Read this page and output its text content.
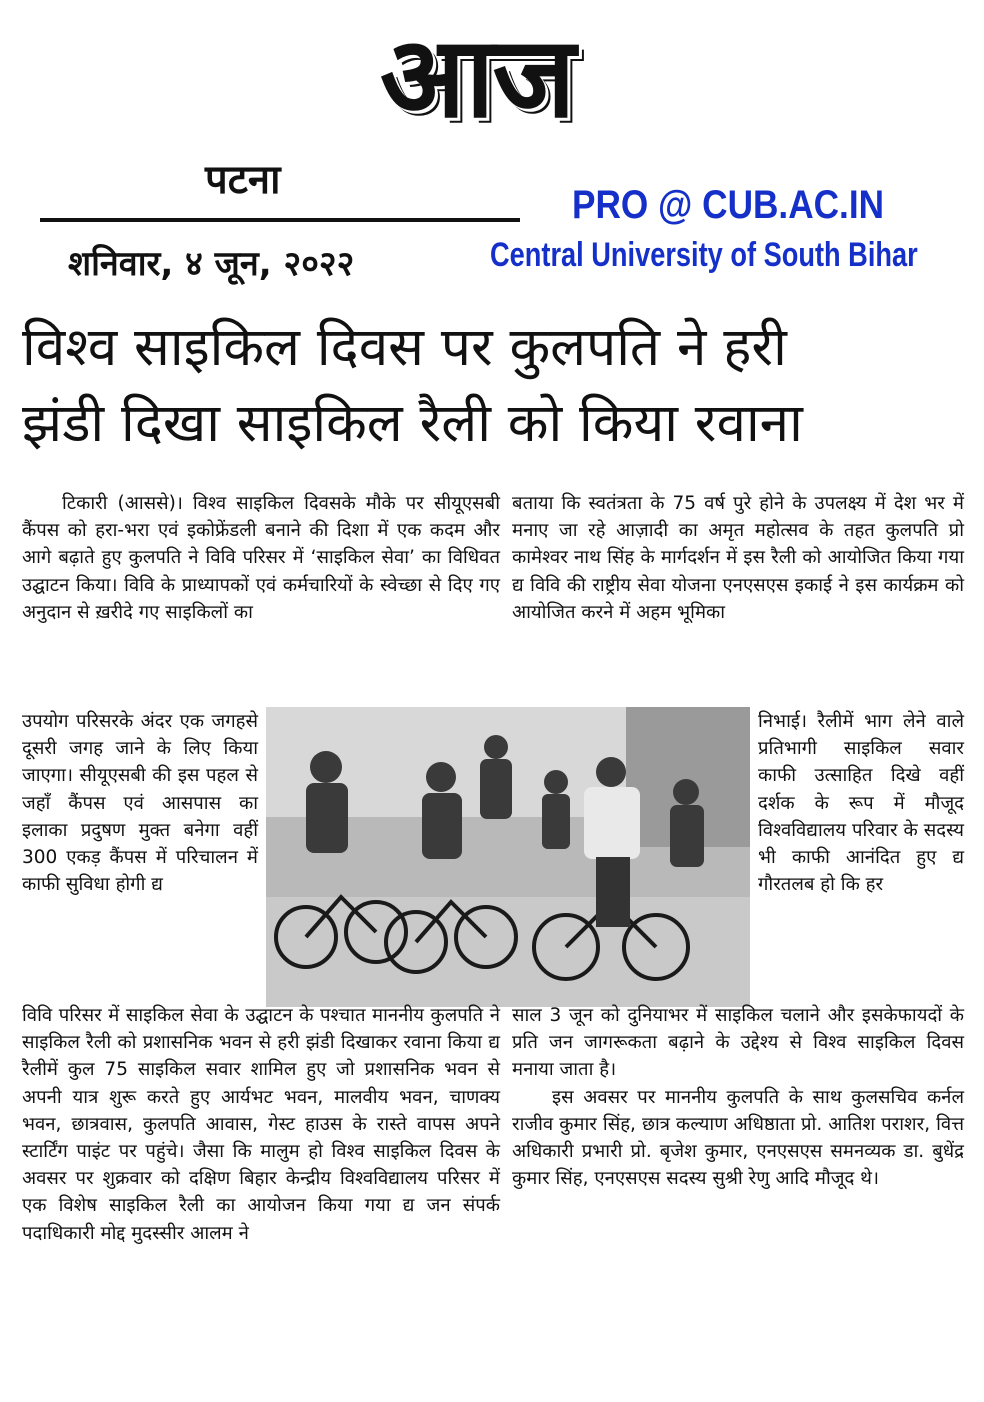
आज
पटना
शनिवार, ४ जून, २०२२
PRO @ CUB.AC.IN
Central University of South Bihar
विश्व साइकिल दिवस पर कुलपति ने हरी
झंडी दिखा साइकिल रैली को किया रवाना

टिकारी (आससे)। विश्व साइकिल दिवसके मौके पर सीयूएसबी कैंपस को हरा-भरा एवं इकोफ्रेंडली बनाने की दिशा में एक कदम और आगे बढ़ाते हुए कुलपति ने विवि परिसर में ‘साइकिल सेवा’ का विधिवत उद्घाटन किया। विवि के प्राध्यापकों एवं कर्मचारियों के स्वेच्छा से दिए गए अनुदान से ख़रीदे गए साइकिलों का

बताया कि स्वतंत्रता के 75 वर्ष पुरे होने के उपलक्ष्य में देश भर में मनाए जा रहे आज़ादी का अमृत महोत्सव के तहत कुलपति प्रो कामेश्वर नाथ सिंह के मार्गदर्शन में इस रैली को आयोजित किया गया द्य विवि की राष्ट्रीय सेवा योजना एनएसएस इकाई ने इस कार्यक्रम को आयोजित करने में अहम भूमिका

उपयोग परिसरके अंदर एक जगहसे दूसरी जगह जाने के लिए किया जाएगा। सीयूएसबी की इस पहल से जहाँ कैंपस एवं आसपास का इलाका प्रदुषण मुक्त बनेगा वहीं 300 एकड़ कैंपस में परिचालन में काफी सुविधा होगी द्य

निभाई। रैलीमें भाग लेने वाले प्रतिभागी साइकिल सवार काफी उत्साहित दिखे वहीं दर्शक के रूप में मौजूद विश्वविद्यालय परिवार के सदस्य भी काफी आनंदित हुए द्य गौरतलब हो कि हर

विवि परिसर में साइकिल सेवा के उद्घाटन के पश्चात माननीय कुलपति ने साइकिल रैली को प्रशासनिक भवन से हरी झंडी दिखाकर रवाना किया द्य रैलीमें कुल 75 साइकिल सवार शामिल हुए जो प्रशासनिक भवन से अपनी यात्र शुरू करते हुए आर्यभट भवन, मालवीय भवन, चाणक्य भवन, छात्रवास, कुलपति आवास, गेस्ट हाउस के रास्ते वापस अपने स्टार्टिंग पाइंट पर पहुंचे। जैसा कि मालुम हो विश्व साइकिल दिवस के अवसर पर शुक्रवार को दक्षिण बिहार केन्द्रीय विश्वविद्यालय परिसर में एक विशेष साइकिल रैली का आयोजन किया गया द्य जन संपर्क पदाधिकारी मोद्द मुदस्सीर आलम ने

साल 3 जून को दुनियाभर में साइकिल चलाने और इसकेफायदों के प्रति जन जागरूकता बढ़ाने के उद्देश्य से विश्व साइकिल दिवस मनाया जाता है।

इस अवसर पर माननीय कुलपति के साथ कुलसचिव कर्नल राजीव कुमार सिंह, छात्र कल्याण अधिष्ठाता प्रो. आतिश पराशर, वित्त अधिकारी प्रभारी प्रो. बृजेश कुमार, एनएसएस समनव्यक डा. बुधेंद्र कुमार सिंह, एनएसएस सदस्य सुश्री रेणु आदि मौजूद थे।
